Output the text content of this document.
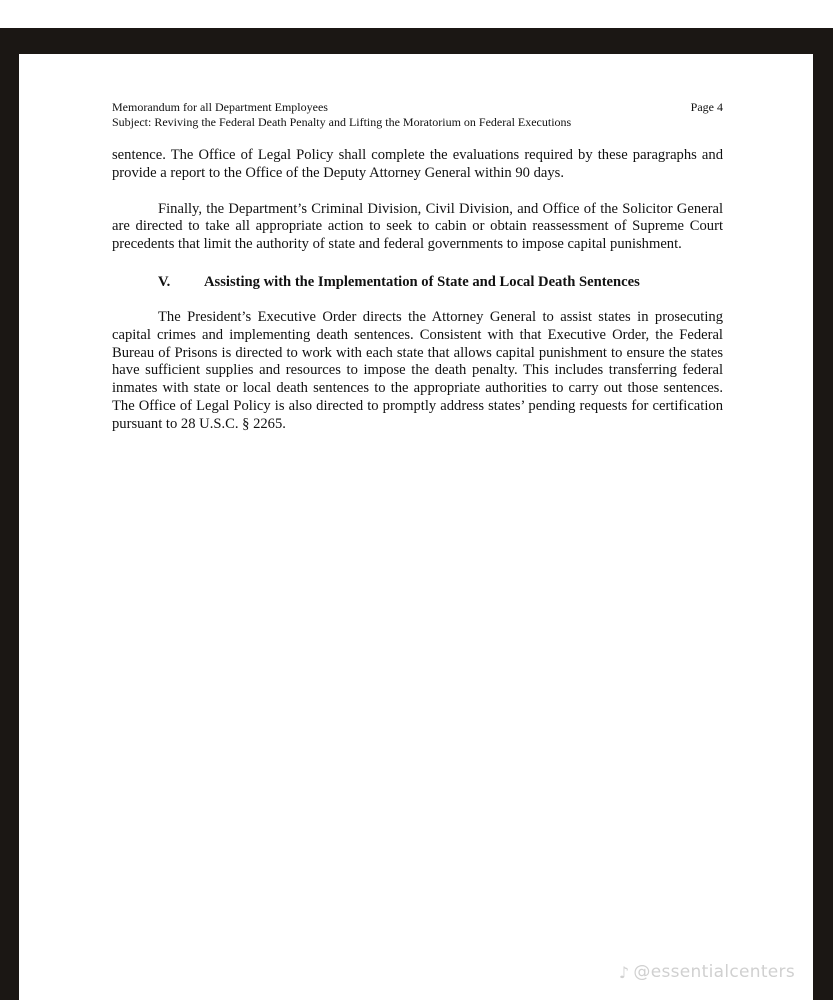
Memorandum for all Department Employees
Subject: Reviving the Federal Death Penalty and Lifting the Moratorium on Federal Executions
Page 4

sentence. The Office of Legal Policy shall complete the evaluations required by these paragraphs and provide a report to the Office of the Deputy Attorney General within 90 days.

Finally, the Department’s Criminal Division, Civil Division, and Office of the Solicitor General are directed to take all appropriate action to seek to cabin or obtain reassessment of Supreme Court precedents that limit the authority of state and federal governments to impose capital punishment.

V.	Assisting with the Implementation of State and Local Death Sentences

The President’s Executive Order directs the Attorney General to assist states in prosecuting capital crimes and implementing death sentences. Consistent with that Executive Order, the Federal Bureau of Prisons is directed to work with each state that allows capital punishment to ensure the states have sufficient supplies and resources to impose the death penalty. This includes transferring federal inmates with state or local death sentences to the appropriate authorities to carry out those sentences. The Office of Legal Policy is also directed to promptly address states’ pending requests for certification pursuant to 28 U.S.C. § 2265.

♪ @essentialcenters
